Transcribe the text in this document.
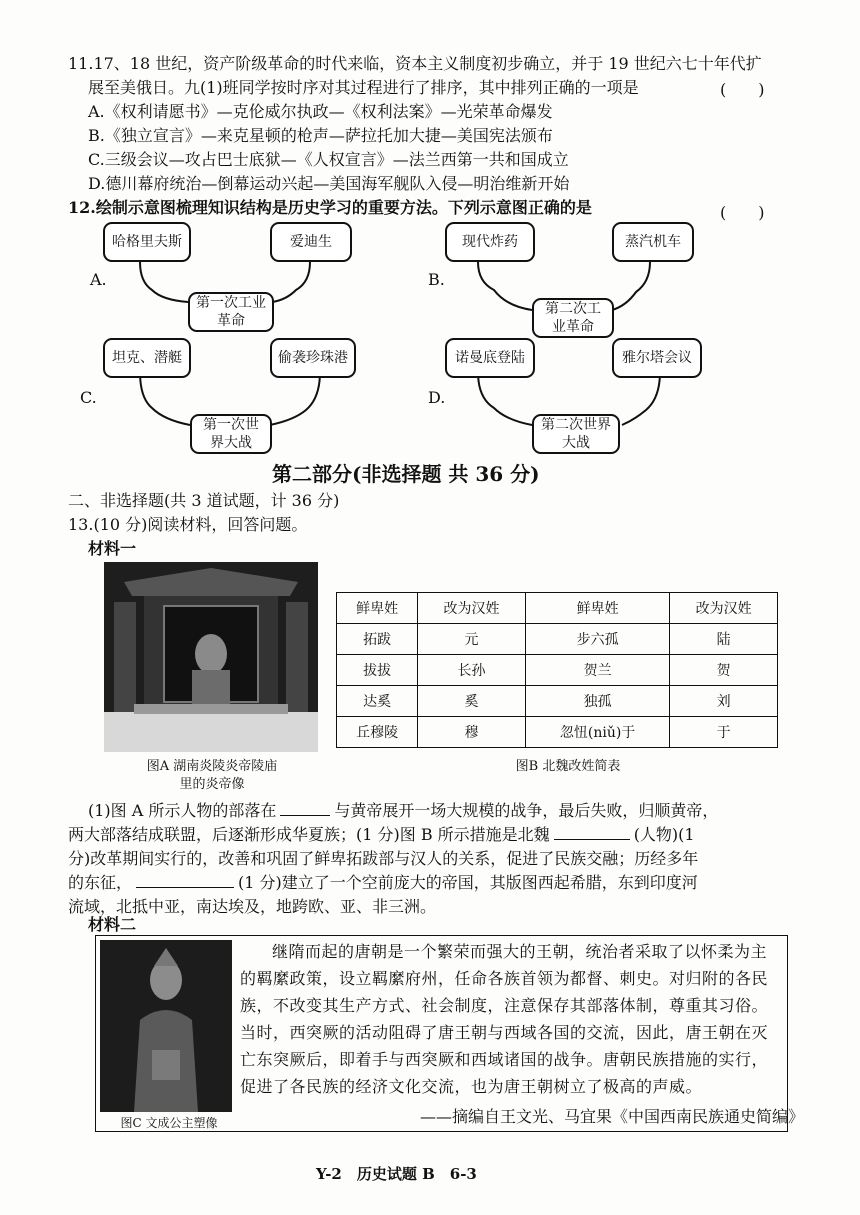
11.17、18 世纪，资产阶级革命的时代来临，资本主义制度初步确立，并于 19 世纪六七十年代扩
展至美俄日。九(1)班同学按时序对其过程进行了排序，其中排列正确的一项是	(　　)
A.《权利请愿书》—克伦威尔执政—《权利法案》—光荣革命爆发
B.《独立宣言》—来克星顿的枪声—萨拉托加大捷—美国宪法颁布
C.三级会议—攻占巴士底狱—《人权宣言》—法兰西第一共和国成立
D.德川幕府统治—倒幕运动兴起—美国海军舰队入侵—明治维新开始
12.绘制示意图梳理知识结构是历史学习的重要方法。下列示意图正确的是	(　　)
A.
哈格里夫斯	爱迪生
第一次工业革命
B.
现代炸药	蒸汽机车
第二次工业革命
C.
坦克、潜艇	偷袭珍珠港
第一次世界大战
D.
诺曼底登陆	雅尔塔会议
第二次世界大战
第二部分(非选择题 共 36 分)
二、非选择题(共 3 道试题，计 36 分)
13.(10 分)阅读材料，回答问题。
材料一
图A 湖南炎陵炎帝陵庙
里的炎帝像
鲜卑姓	改为汉姓	鲜卑姓	改为汉姓
拓跋	元	步六孤	陆
拔拔	长孙	贺兰	贺
达奚	奚	独孤	刘
丘穆陵	穆	忽忸(niǔ)于	于
图B 北魏改姓简表
(1)图 A 所示人物的部落在	与黄帝展开一场大规模的战争，最后失败，归顺黄帝，
两大部落结成联盟，后逐渐形成华夏族；(1 分)图 B 所示措施是北魏	(人物)(1
分)改革期间实行的，改善和巩固了鲜卑拓跋部与汉人的关系，促进了民族交融；历经多年
的东征，	(1 分)建立了一个空前庞大的帝国，其版图西起希腊，东到印度河
流域，北抵中亚，南达埃及，地跨欧、亚、非三洲。
材料二
图C 文成公主塑像
继隋而起的唐朝是一个繁荣而强大的王朝，统治者采取了以怀柔为主的羁縻政策，设立羁縻府州，任命各族首领为都督、刺史。对归附的各民族，不改变其生产方式、社会制度，注意保存其部落体制，尊重其习俗。当时，西突厥的活动阻碍了唐王朝与西域各国的交流，因此，唐王朝在灭亡东突厥后，即着手与西突厥和西域诸国的战争。唐朝民族措施的实行，促进了各民族的经济文化交流，也为唐王朝树立了极高的声威。
——摘编自王文光、马宜果《中国西南民族通史简编》
Y-2　历史试题 B　6-3
